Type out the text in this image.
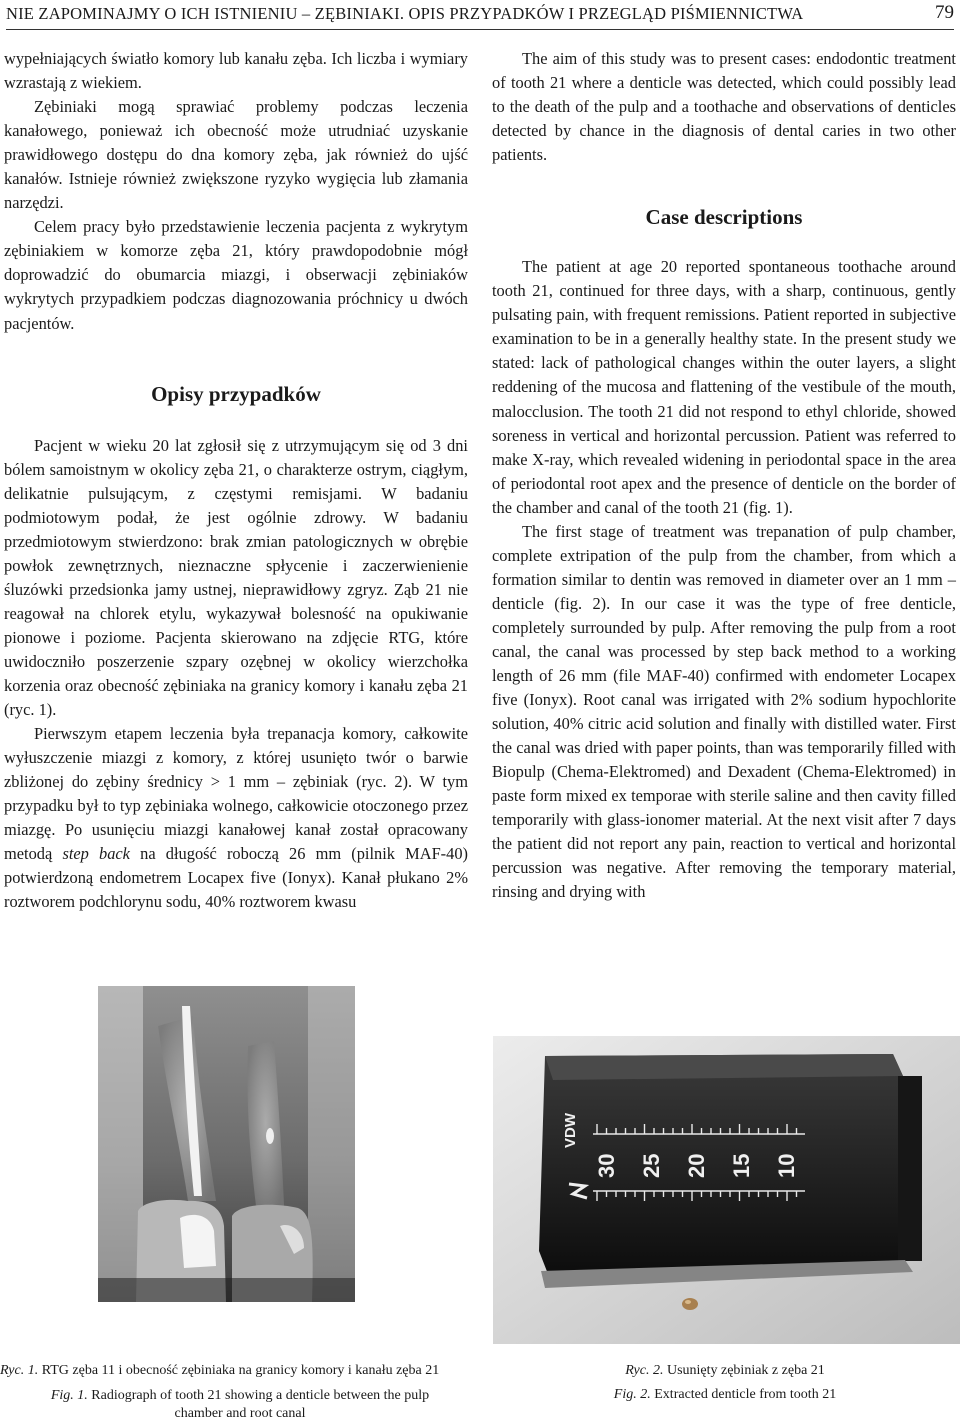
NIE ZAPOMINAJMY O ICH ISTNIENIU – ZĘBINIAKI. OPIS PRZYPADKÓW I PRZEGLĄD PIŚMIENNICTWA	79

wypełniających światło komory lub kanału zęba. Ich liczba i wymiary wzrastają z wiekiem.

Zębiniaki mogą sprawiać problemy podczas leczenia kanałowego, ponieważ ich obecność może utrudniać uzyskanie prawidłowego dostępu do dna komory zęba, jak również do ujść kanałów. Istnieje również zwiększone ryzyko wygięcia lub złamania narzędzi.

Celem pracy było przedstawienie leczenia pacjenta z wykrytym zębiniakiem w komorze zęba 21, który prawdopodobnie mógł doprowadzić do obumarcia miazgi, i obserwacji zębiniaków wykrytych przypadkiem podczas diagnozowania próchnicy u dwóch pacjentów.

Opisy przypadków

Pacjent w wieku 20 lat zgłosił się z utrzymującym się od 3 dni bólem samoistnym w okolicy zęba 21, o charakterze ostrym, ciągłym, delikatnie pulsującym, z częstymi remisjami. W badaniu podmiotowym podał, że jest ogólnie zdrowy. W badaniu przedmiotowym stwierdzono: brak zmian patologicznych w obrębie powłok zewnętrznych, nieznaczne spłycenie i zaczerwienienie śluzówki przedsionka jamy ustnej, nieprawidłowy zgryz. Ząb 21 nie reagował na chlorek etylu, wykazywał bolesność na opukiwanie pionowe i poziome. Pacjenta skierowano na zdjęcie RTG, które uwidoczniło poszerzenie szpary ozębnej w okolicy wierzchołka korzenia oraz obecność zębiniaka na granicy komory i kanału zęba 21 (ryc. 1).

Pierwszym etapem leczenia była trepanacja komory, całkowite wyłuszczenie miazgi z komory, z której usunięto twór o barwie zbliżonej do zębiny średnicy > 1 mm – zębiniak (ryc. 2). W tym przypadku był to typ zębiniaka wolnego, całkowicie otoczonego przez miazgę. Po usunięciu miazgi kanałowej kanał został opracowany metodą step back na długość roboczą 26 mm (pilnik MAF-40) potwierdzoną endometrem Locapex five (Ionyx). Kanał płukano 2% roztworem podchlorynu sodu, 40% roztworem kwasu

The aim of this study was to present cases: endodontic treatment of tooth 21 where a denticle was detected, which could possibly lead to the death of the pulp and a toothache and observations of denticles detected by chance in the diagnosis of dental caries in two other patients.

Case descriptions

The patient at age 20 reported spontaneous toothache around tooth 21, continued for three days, with a sharp, continuous, gently pulsating pain, with frequent remissions. Patient reported in subjective examination to be in a generally healthy state. In the present study we stated: lack of pathological changes within the outer layers, a slight reddening of the mucosa and flattening of the vestibule of the mouth, malocclusion. The tooth 21 did not respond to ethyl chloride, showed soreness in vertical and horizontal percussion. Patient was referred to make X-ray, which revealed widening in periodontal space in the area of periodontal root apex and the presence of denticle on the border of the chamber and canal of the tooth 21 (fig. 1).

The first stage of treatment was trepanation of pulp chamber, complete extripation of the pulp from the chamber, from which a formation similar to dentin was removed in diameter over an 1 mm – denticle (fig. 2). In our case it was the type of free denticle, completely surrounded by pulp. After removing the pulp from a root canal, the canal was processed by step back method to a working length of 26 mm (file MAF-40) confirmed with endometer Locapex five (Ionyx). Root canal was irrigated with 2% sodium hypochlorite solution, 40% citric acid solution and finally with distilled water. First the canal was dried with paper points, than was temporarily filled with Biopulp (Chema-Elektromed) and Dexadent (Chema-Elektromed) in paste form mixed ex temporae with sterile saline and then cavity filled temporarily with glass-ionomer material. At the next visit after 7 days the patient did not report any pain, reaction to vertical and horizontal percussion was negative. After removing the temporary material, rinsing and drying with

VDW
30 25 20 15 10
Ryc. 1. RTG zęba 11 i obecność zębiniaka na granicy komory i kanału zęba 21
Fig. 1. Radiograph of tooth 21 showing a denticle between the pulp chamber and root canal
Ryc. 2. Usunięty zębiniak z zęba 21
Fig. 2. Extracted denticle from tooth 21
